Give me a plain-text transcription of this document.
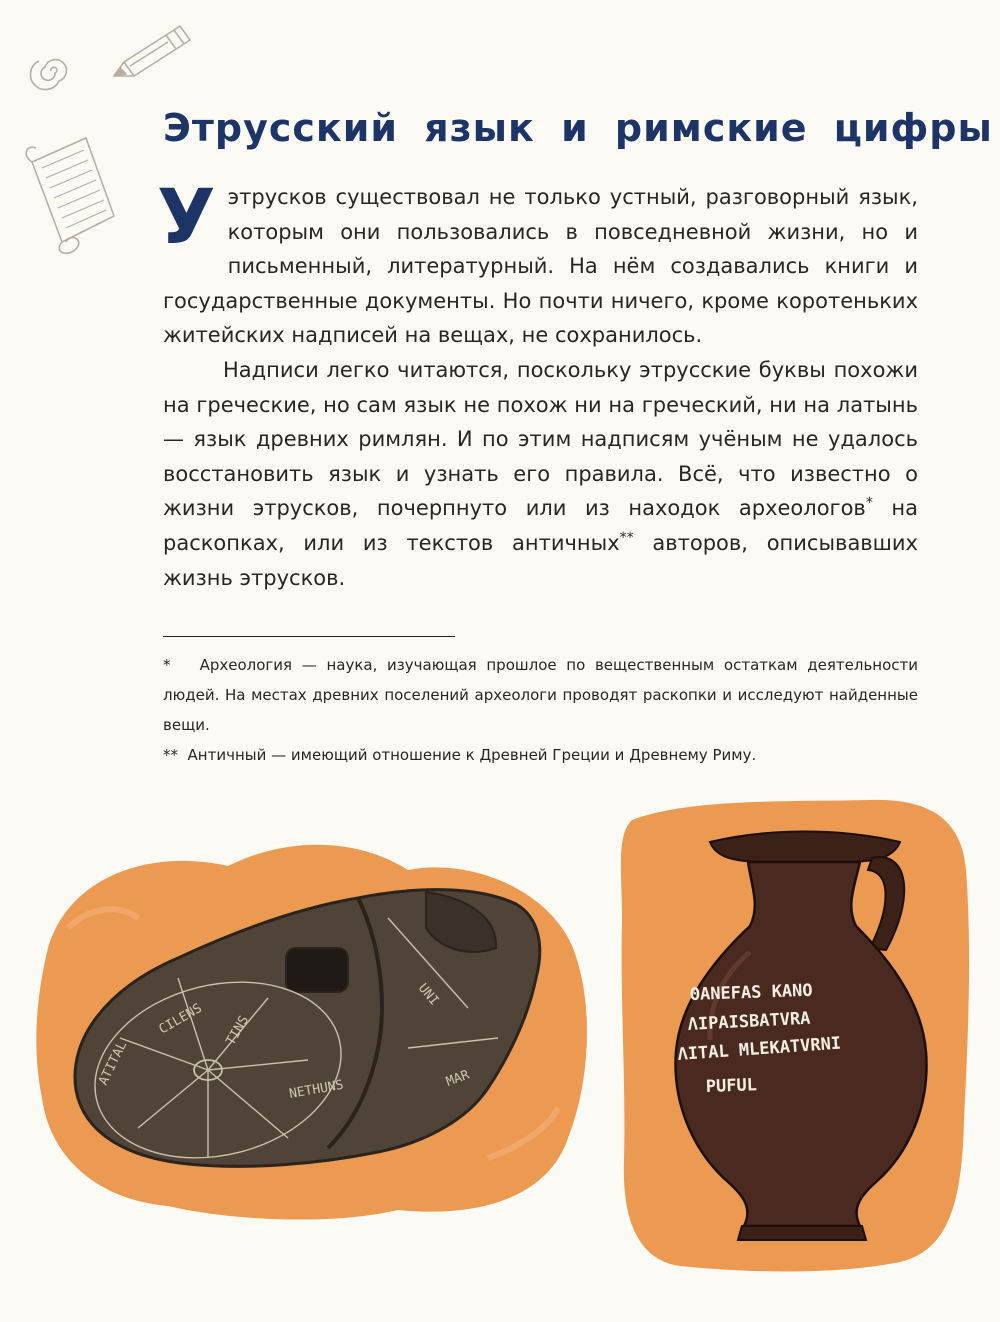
Этрусский язык и римские цифры

Уэтрусков существовал не только устный, разговорный язык, которым они пользовались в повседневной жизни, но и письменный, литературный. На нём создавались книги и государственные документы. Но почти ничего, кроме коротеньких житейских надписей на вещах, не сохранилось.

Надписи легко читаются, поскольку этрусские буквы похожи на греческие, но сам язык не похож ни на греческий, ни на латынь — язык древних римлян. И по этим надписям учёным не удалось восстановить язык и узнать его правила. Всё, что известно о жизни этрусков, почерпнуто или из находок археологов* на раскопках, или из текстов античных** авторов, описывавших жизнь этрусков.

* Археология — наука, изучающая прошлое по вещественным остаткам деятельности людей. На местах древних поселений археологи проводят раскопки и исследуют найденные вещи.

** Античный — имеющий отношение к Древней Греции и Древнему Риму.

ATITAL
CILENS TINS
NETHUNS
UNI
MAR
ΘANEFAS KANO
ΛIPAISBATVRA
ΛITAL MLEKATVRNI
PUFUL
